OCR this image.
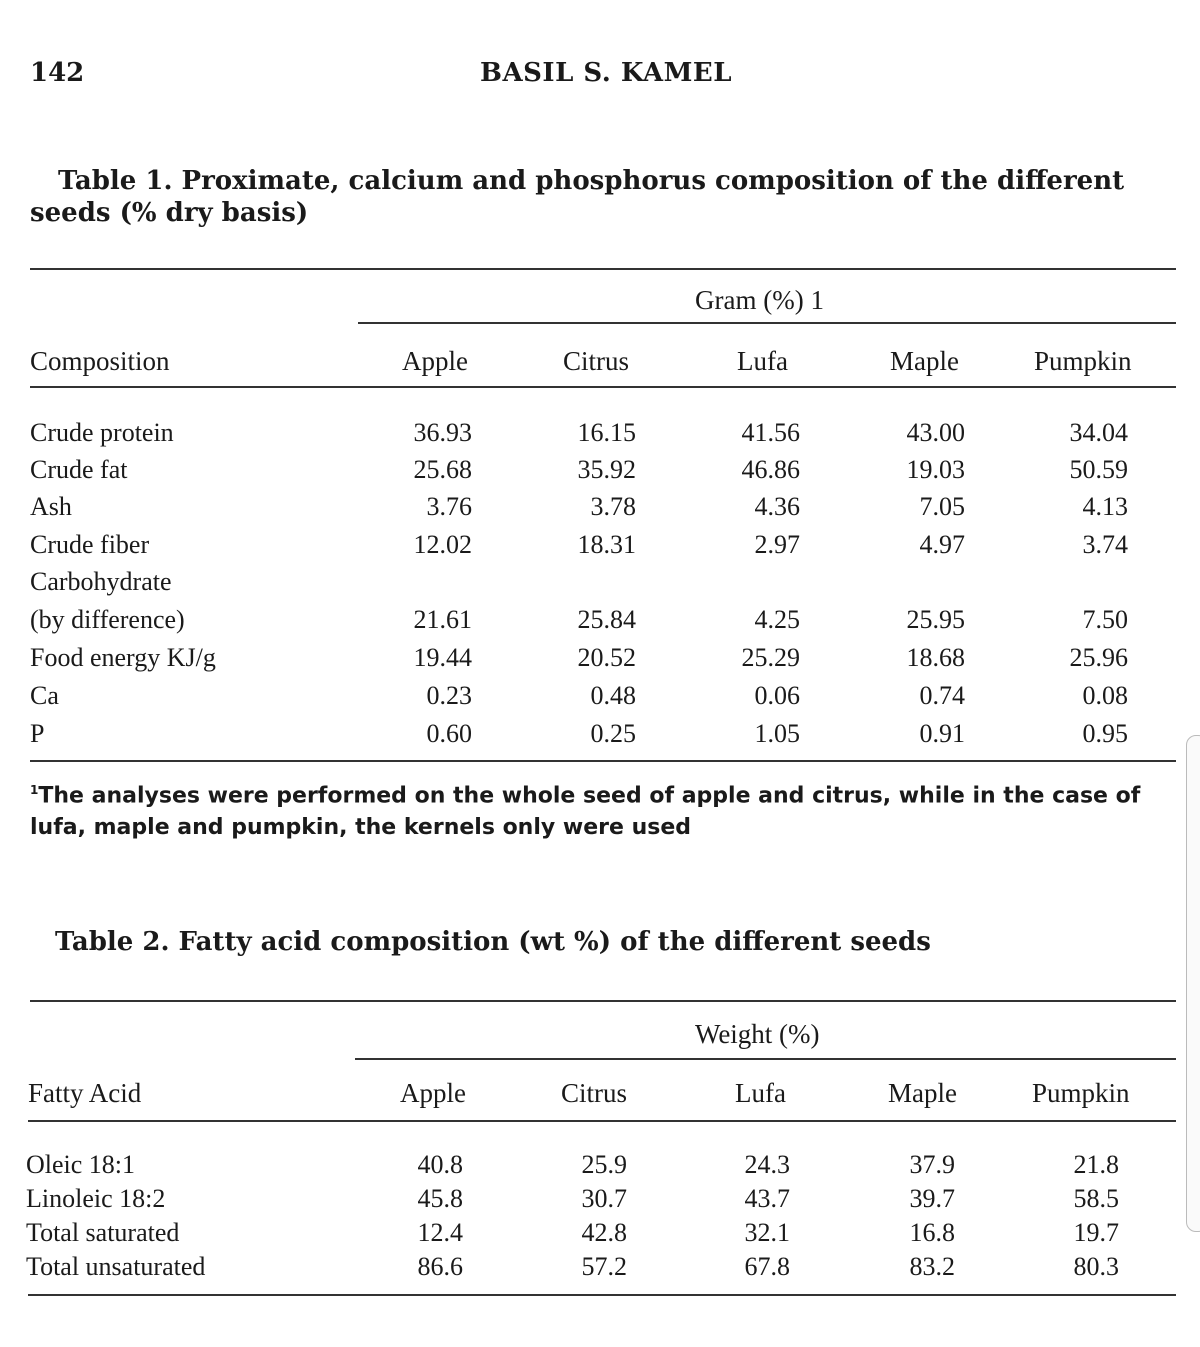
142	BASIL S. KAMEL
Table 1. Proximate, calcium and phosphorus composition of the different seeds (% dry basis)
Gram (%) 1
Composition	Apple	Citrus	Lufa	Maple	Pumpkin
Crude protein	36.93	16.15	41.56	43.00	34.04
Crude fat	25.68	35.92	46.86	19.03	50.59
Ash	3.76	3.78	4.36	7.05	4.13
Crude fiber	12.02	18.31	2.97	4.97	3.74
Carbohydrate
(by difference)	21.61	25.84	4.25	25.95	7.50
Food energy KJ/g	19.44	20.52	25.29	18.68	25.96
Ca	0.23	0.48	0.06	0.74	0.08
P	0.60	0.25	1.05	0.91	0.95
$^1$The analyses were performed on the whole seed of apple and citrus, while in the case of lufa, maple and pumpkin, the kernels only were used
Table 2. Fatty acid composition (wt %) of the different seeds
Weight (%)
Fatty Acid	Apple	Citrus	Lufa	Maple	Pumpkin
Oleic 18:1	40.8	25.9	24.3	37.9	21.8
Linoleic 18:2	45.8	30.7	43.7	39.7	58.5
Total saturated	12.4	42.8	32.1	16.8	19.7
Total unsaturated	86.6	57.2	67.8	83.2	80.3
